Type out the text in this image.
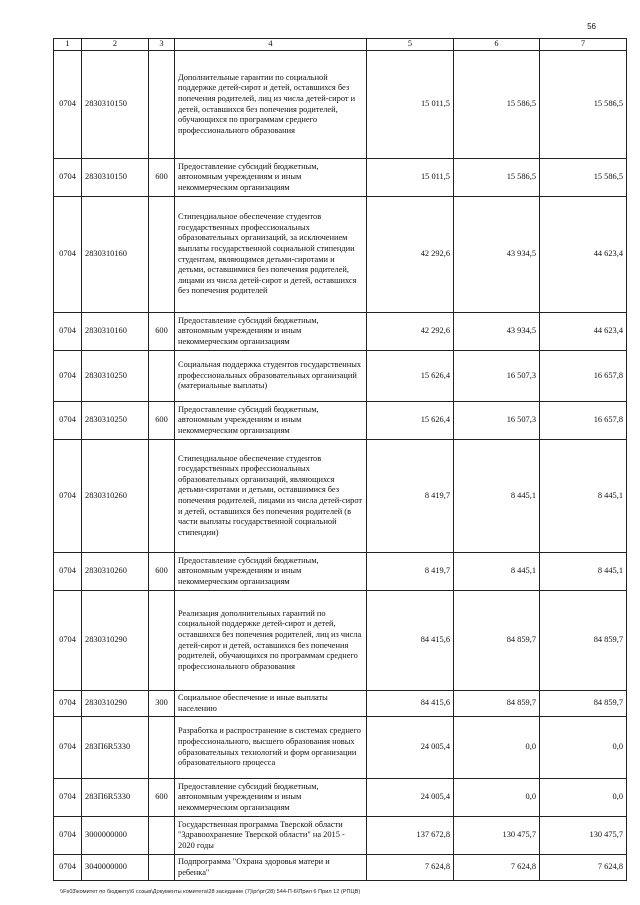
56
1	2	3	4	5	6	7
0704	2830310150		Дополнительные гарантии по социальной поддержке детей-сирот и детей, оставшихся без попечения родителей, лиц из числа детей-сирот и детей, оставшихся без попечения родителей, обучающихся по программам среднего профессионального образования	15 011,5	15 586,5	15 586,5
0704	2830310150	600	Предоставление субсидий бюджетным, автономным учреждениям и иным некоммерческим организациям	15 011,5	15 586,5	15 586,5
0704	2830310160		Стипендиальное обеспечение студентов государственных профессиональных образовательных организаций, за исключением выплаты государственной социальной стипендии студентам, являющимся детьми-сиротами и детьми, оставшимися без попечения родителей, лицами из числа детей-сирот и детей, оставшихся без попечения родителей	42 292,6	43 934,5	44 623,4
0704	2830310160	600	Предоставление субсидий бюджетным, автономным учреждениям и иным некоммерческим организациям	42 292,6	43 934,5	44 623,4
0704	2830310250		Социальная поддержка студентов государственных профессиональных образовательных организаций (материальные выплаты)	15 626,4	16 507,3	16 657,8
0704	2830310250	600	Предоставление субсидий бюджетным, автономным учреждениям и иным некоммерческим организациям	15 626,4	16 507,3	16 657,8
0704	2830310260		Стипендиальное обеспечение студентов государственных профессиональных образовательных организаций, являющихся детьми-сиротами и детьми, оставшимися без попечения родителей, лицами из числа детей-сирот и детей, оставшихся без попечения родителей (в части выплаты государственной социальной стипендии)	8 419,7	8 445,1	8 445,1
0704	2830310260	600	Предоставление субсидий бюджетным, автономным учреждениям и иным некоммерческим организациям	8 419,7	8 445,1	8 445,1
0704	2830310290		Реализация дополнительных гарантий по социальной поддержке детей-сирот и детей, оставшихся без попечения родителей, лиц из числа детей-сирот и детей, оставшихся без попечения родителей, обучающихся по программам среднего профессионального образования	84 415,6	84 859,7	84 859,7
0704	2830310290	300	Социальное обеспечение и иные выплаты населению	84 415,6	84 859,7	84 859,7
0704	283П6R5330		Разработка и распространение в системах среднего профессионального, высшего образования новых образовательных технологий и форм организации образовательного процесса	24 005,4	0,0	0,0
0704	283П6R5330	600	Предоставление субсидий бюджетным, автономным учреждениям и иным некоммерческим организациям	24 005,4	0,0	0,0
0704	3000000000		Государственная программа Тверской области "Здравоохранение Тверской области" на 2015 - 2020 годы	137 672,8	130 475,7	130 475,7
0704	3040000000		Подпрограмма "Охрана здоровья матери и ребенка"	7 624,8	7 624,8	7 624,8
\\Fs03\комитет по бюджету\6 созыв\Документы комитета\28 заседание (7)\рг\рг(28) 544-П-6\Прил 6 Прил 12 (РПЦВ)
